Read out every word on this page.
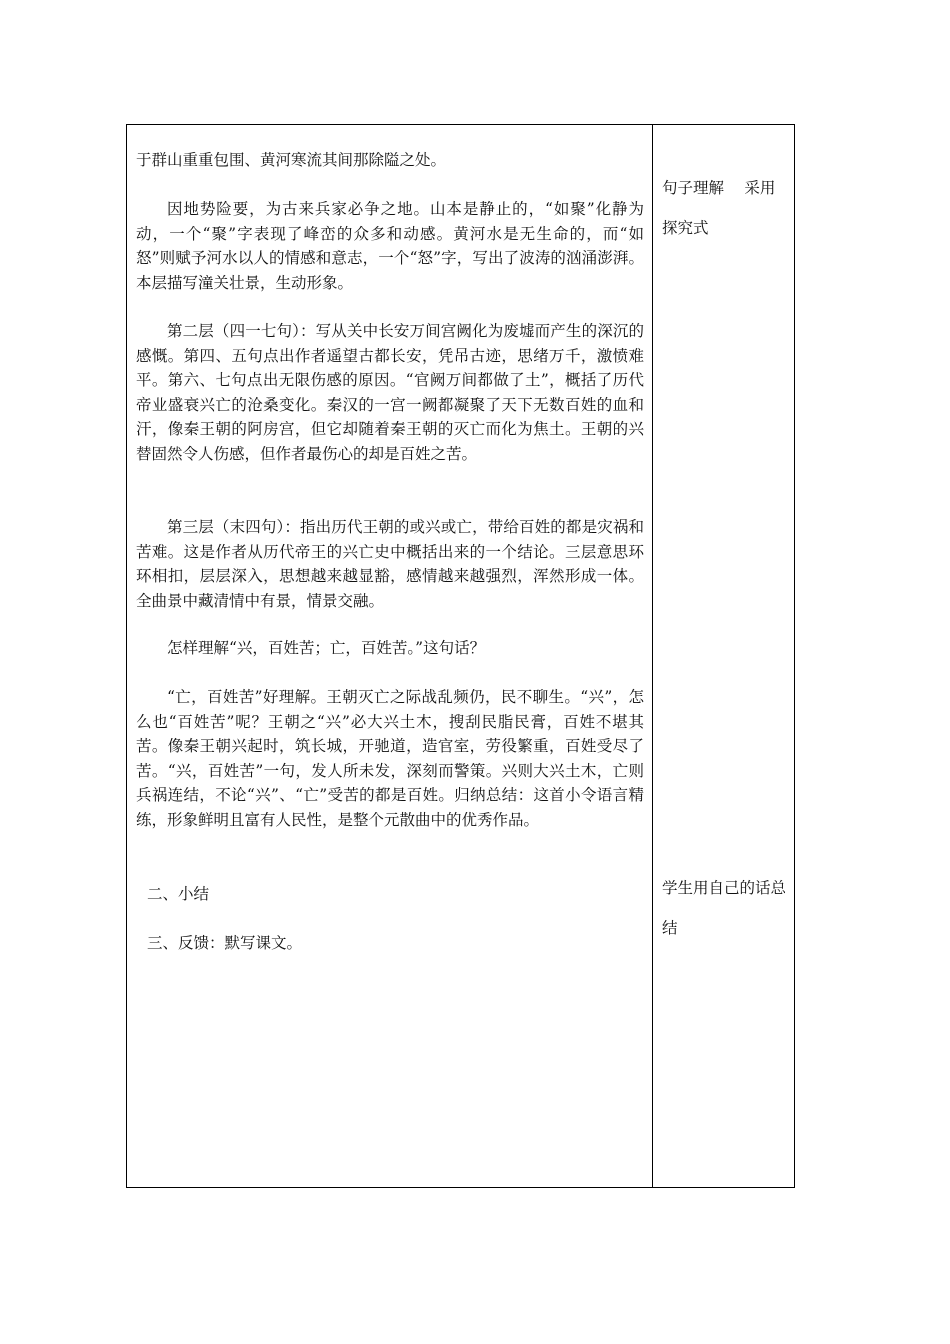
于群山重重包围、黄河寒流其间那除隘之处。

因地势险要，为古来兵家必争之地。山本是静止的，“如聚”化静为动，一个“聚”字表现了峰峦的众多和动感。黄河水是无生命的，而“如怒”则赋予河水以人的情感和意志，一个“怒”字，写出了波涛的汹涌澎湃。本层描写潼关壮景，生动形象。

第二层（四一七句）：写从关中长安万间宫阙化为废墟而产生的深沉的感慨。第四、五句点出作者遥望古都长安，凭吊古迹，思绪万千，激愤难平。第六、七句点出无限伤感的原因。“官阙万间都做了土”，概括了历代帝业盛衰兴亡的沧桑变化。秦汉的一宫一阙都凝聚了天下无数百姓的血和汗，像秦王朝的阿房宫，但它却随着秦王朝的灭亡而化为焦土。王朝的兴替固然令人伤感，但作者最伤心的却是百姓之苦。

第三层（末四句）：指出历代王朝的或兴或亡，带给百姓的都是灾祸和苦难。这是作者从历代帝王的兴亡史中概括出来的一个结论。三层意思环环相扣，层层深入，思想越来越显豁，感情越来越强烈，浑然形成一体。全曲景中藏清情中有景，情景交融。

怎样理解“兴，百姓苦；亡，百姓苦。”这句话？

“亡，百姓苦”好理解。王朝灭亡之际战乱频仍，民不聊生。“兴”，怎么也“百姓苦”呢？王朝之“兴”必大兴土木，搜刮民脂民膏，百姓不堪其苦。像秦王朝兴起时，筑长城，开驰道，造官室，劳役繁重，百姓受尽了苦。“兴，百姓苦”一句，发人所未发，深刻而警策。兴则大兴土木，亡则兵祸连结，不论“兴”、“亡”受苦的都是百姓。归纳总结：这首小令语言精练，形象鲜明且富有人民性，是整个元散曲中的优秀作品。

二、小结

三、反馈：默写课文。

句子理解　 采用探究式

学生用自己的话总结
